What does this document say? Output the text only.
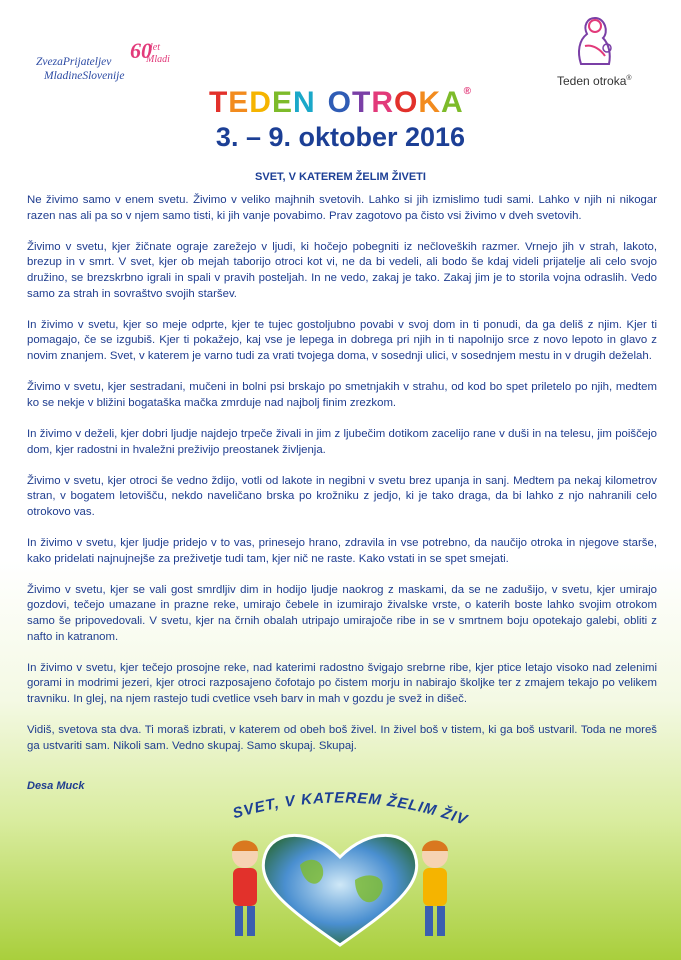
ZvezaPrijateljev
MladineSlovenije
60
let
Mladi
Teden otroka®
TEDEN OTROKA®
3. – 9. oktober 2016
SVET, V KATEREM ŽELIM ŽIVETI

Ne živimo samo v enem svetu. Živimo v veliko majhnih svetovih. Lahko si jih izmislimo tudi sami. Lahko v njih ni nikogar razen nas ali pa so v njem samo tisti, ki jih vanje povabimo. Prav zagotovo pa čisto vsi živimo v dveh svetovih.

Živimo v svetu, kjer žičnate ograje zarežejo v ljudi, ki hočejo pobegniti iz nečloveških razmer. Vrnejo jih v strah, lakoto, brezup in v smrt. V svet, kjer ob mejah taborijo otroci kot vi, ne da bi vedeli, ali bodo še kdaj videli prijatelje ali celo svojo družino, se brezskrbno igrali in spali v pravih posteljah. In ne vedo, zakaj je tako. Zakaj jim je to storila vojna odraslih. Vedo samo za strah in sovraštvo svojih staršev.

In živimo v svetu, kjer so meje odprte, kjer te tujec gostoljubno povabi v svoj dom in ti ponudi, da ga deliš z njim. Kjer ti pomagajo, če se izgubiš. Kjer ti pokažejo, kaj vse je lepega in dobrega pri njih in ti napolnijo srce z novo lepoto in glavo z novim znanjem. Svet, v katerem je varno tudi za vrati tvojega doma, v sosednji ulici, v sosednjem mestu in v drugih deželah.

Živimo v svetu, kjer sestradani, mučeni in bolni psi brskajo po smetnjakih v strahu, od kod bo spet priletelo po njih, medtem ko se nekje v bližini bogataška mačka zmrduje nad najbolj finim zrezkom.

In živimo v deželi, kjer dobri ljudje najdejo trpeče živali in jim z ljubečim dotikom zacelijo rane v duši in na telesu, jim poiščejo dom, kjer radostni in hvaležni preživijo preostanek življenja.

Živimo v svetu, kjer otroci še vedno ždijo, votli od lakote in negibni v svetu brez upanja in sanj. Medtem pa nekaj kilometrov stran, v bogatem letovišču, nekdo naveličano brska po krožniku z jedjo, ki je tako draga, da bi lahko z njo nahranili celo otrokovo vas.

In živimo v svetu, kjer ljudje pridejo v to vas, prinesejo hrano, zdravila in vse potrebno, da naučijo otroka in njegove starše, kako pridelati najnujnejše za preživetje tudi tam, kjer nič ne raste. Kako vstati in se spet smejati.

Živimo v svetu, kjer se vali gost smrdljiv dim in hodijo ljudje naokrog z maskami, da se ne zadušijo, v svetu, kjer umirajo gozdovi, tečejo umazane in prazne reke, umirajo čebele in izumirajo živalske vrste, o katerih boste lahko svojim otrokom samo še pripovedovali. V svetu, kjer na črnih obalah utripajo umirajoče ribe in se v smrtnem boju opotekajo galebi, obliti z nafto in katranom.

In živimo v svetu, kjer tečejo prosojne reke, nad katerimi radostno švigajo srebrne ribe, kjer ptice letajo visoko nad zelenimi gorami in modrimi jezeri, kjer otroci razposajeno čofotajo po čistem morju in nabirajo školjke ter z zmajem tekajo po velikem travniku. In glej, na njem rastejo tudi cvetlice vseh barv in mah v gozdu je svež in dišeč.

Vidiš, svetova sta dva. Ti moraš izbrati, v katerem od obeh boš živel. In živel boš v tistem, ki ga boš ustvaril. Toda ne moreš ga ustvariti sam. Nikoli sam. Vedno skupaj. Samo skupaj. Skupaj.

Desa Muck
SVET, V KATEREM ŽELIM ŽIV
